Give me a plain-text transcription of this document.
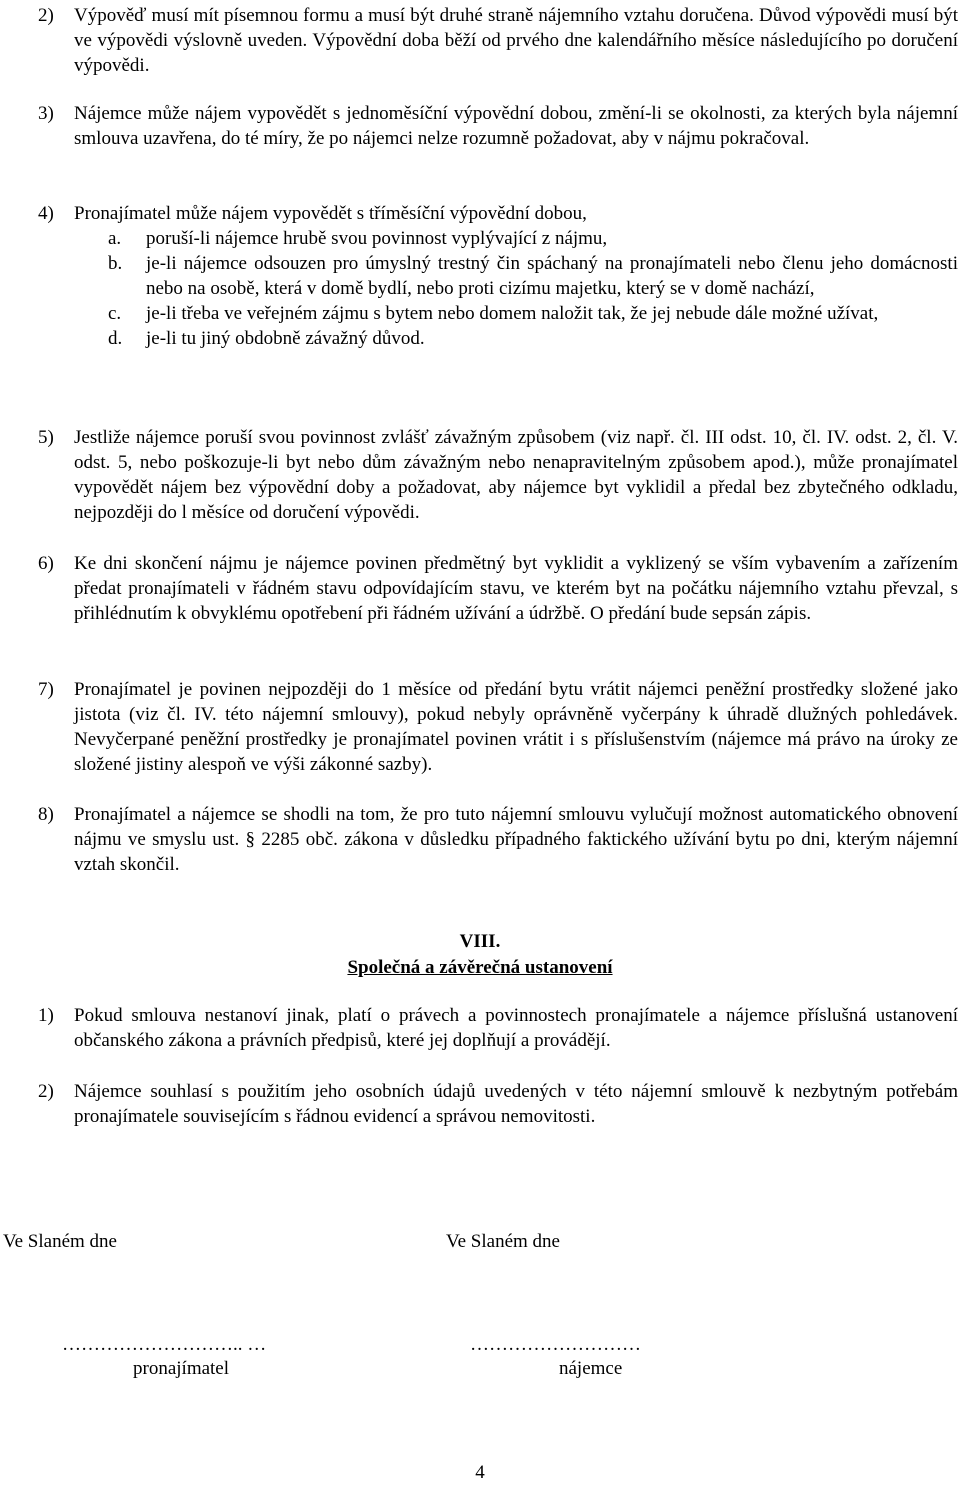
2)	Výpověď musí mít písemnou formu a musí být druhé straně nájemního vztahu doručena. Důvod výpovědi musí být ve výpovědi výslovně uveden. Výpovědní doba běží od prvého dne kalendářního měsíce následujícího po doručení výpovědi.
3)	Nájemce může nájem vypovědět s jednoměsíční výpovědní dobou, změní-li se okolnosti, za kterých byla nájemní smlouva uzavřena, do té míry, že po nájemci nelze rozumně požadovat, aby v nájmu pokračoval.
4)	Pronajímatel může nájem vypovědět s tříměsíční výpovědní dobou,
a.	poruší-li nájemce hrubě svou povinnost vyplývající z nájmu,
b.	je-li nájemce odsouzen pro úmyslný trestný čin spáchaný na pronajímateli nebo členu jeho domácnosti nebo na osobě, která v domě bydlí, nebo proti cizímu majetku, který se v domě nachází,
c.	je-li třeba ve veřejném zájmu s bytem nebo domem naložit tak, že jej nebude dále možné užívat,
d.	je-li tu jiný obdobně závažný důvod.
5)	Jestliže nájemce poruší svou povinnost zvlášť závažným způsobem (viz např. čl. III odst. 10, čl. IV. odst. 2, čl. V. odst. 5, nebo poškozuje-li byt nebo dům závažným nebo nenapravitelným způsobem apod.), může pronajímatel vypovědět nájem bez výpovědní doby a požadovat, aby nájemce byt vyklidil a předal bez zbytečného odkladu, nejpozději do l měsíce od doručení výpovědi.
6)	Ke dni skončení nájmu je nájemce povinen předmětný byt vyklidit a vyklizený se vším vybavením a zařízením předat pronajímateli v řádném stavu odpovídajícím stavu, ve kterém byt na počátku nájemního vztahu převzal, s přihlédnutím k obvyklému opotřebení při řádném užívání a údržbě. O předání bude sepsán zápis.
7)	Pronajímatel je povinen nejpozději do 1 měsíce od předání bytu vrátit nájemci peněžní prostředky složené jako jistota (viz čl. IV. této nájemní smlouvy), pokud nebyly oprávněně vyčerpány k úhradě dlužných pohledávek. Nevyčerpané peněžní prostředky je pronajímatel povinen vrátit i s příslušenstvím (nájemce má právo na úroky ze složené jistiny alespoň ve výši zákonné sazby).
8)	Pronajímatel a nájemce se shodli na tom, že pro tuto nájemní smlouvu vylučují možnost automatického obnovení nájmu ve smyslu ust. § 2285 obč. zákona v důsledku případného faktického užívání bytu po dni, kterým nájemní vztah skončil.
VIII.
Společná a závěrečná ustanovení
1)	Pokud smlouva nestanoví jinak, platí o právech a povinnostech pronajímatele a nájemce příslušná ustanovení občanského zákona a právních předpisů, které jej doplňují a provádějí.
2)	Nájemce souhlasí s použitím jeho osobních údajů uvedených v této nájemní smlouvě k nezbytným potřebám pronajímatele souvisejícím s řádnou evidencí a správou nemovitosti.
Ve Slaném dne	Ve Slaném dne
……………………….. …	………………………
pronajímatel	nájemce
4
